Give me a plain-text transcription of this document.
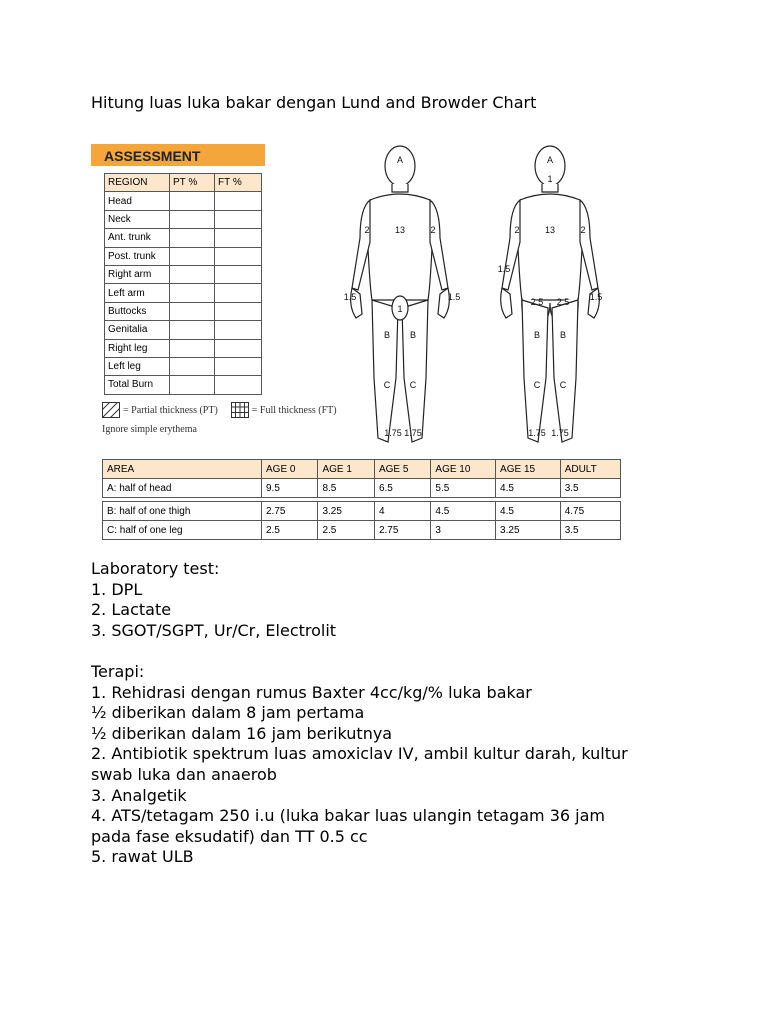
Hitung luas luka bakar dengan Lund and Browder Chart
ASSESSMENT
REGION	PT %	FT %
Head		
Neck		
Ant. trunk		
Post. trunk		
Right arm		
Left arm		
Buttocks		
Genitalia		
Right leg		
Left leg		
Total Burn		
= Partial thickness (PT)	= Full thickness (FT)
Ignore simple erythema
A
13
2	2
1.5	1.5
1
B B
C C
1.75 1.75
A
1
13
2	2
1.5
1.5
2.5 2.5
B B
C C
1.75 1.75
AREA	AGE 0	AGE 1	AGE 5	AGE 10	AGE 15	ADULT
A: half of head	9.5	8.5	6.5	5.5	4.5	3.5

B: half of one thigh	2.75	3.25	4	4.5	4.5	4.75
C: half of one leg	2.5	2.5	2.75	3	3.25	3.5

Laboratory test:

1. DPL

2. Lactate

3. SGOT/SGPT, Ur/Cr, Electrolit

Terapi:

1. Rehidrasi dengan rumus Baxter 4cc/kg/% luka bakar

½ diberikan dalam 8 jam pertama

½ diberikan dalam 16 jam berikutnya

2. Antibiotik spektrum luas amoxiclav IV, ambil kultur darah, kultur

swab luka dan anaerob

3. Analgetik

4. ATS/tetagam 250 i.u (luka bakar luas ulangin tetagam 36 jam

pada fase eksudatif) dan TT 0.5 cc

5. rawat ULB
